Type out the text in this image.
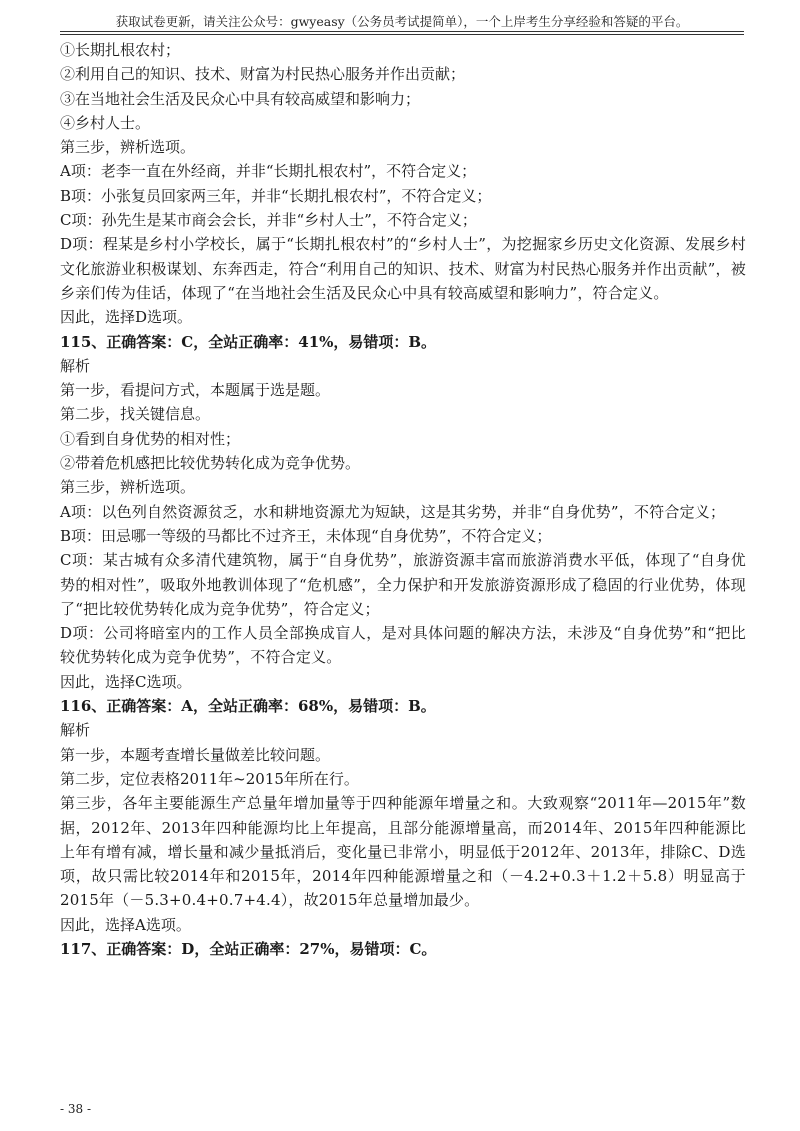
获取试卷更新，请关注公众号：gwyeasy（公务员考试提简单），一个上岸考生分享经验和答疑的平台。
①长期扎根农村；
②利用自己的知识、技术、财富为村民热心服务并作出贡献；
③在当地社会生活及民众心中具有较高威望和影响力；
④乡村人士。
第三步，辨析选项。
A项：老李一直在外经商，并非“长期扎根农村”，不符合定义；
B项：小张复员回家两三年，并非“长期扎根农村”，不符合定义；
C项：孙先生是某市商会会长，并非“乡村人士”，不符合定义；
D项：程某是乡村小学校长，属于“长期扎根农村”的“乡村人士”，为挖掘家乡历史文化资源、发展乡村文化旅游业积极谋划、东奔西走，符合“利用自己的知识、技术、财富为村民热心服务并作出贡献”，被乡亲们传为佳话，体现了“在当地社会生活及民众心中具有较高威望和影响力”，符合定义。
因此，选择D选项。
115、正确答案：C，全站正确率：41%，易错项：B。
解析
第一步，看提问方式，本题属于选是题。
第二步，找关键信息。
①看到自身优势的相对性；
②带着危机感把比较优势转化成为竞争优势。
第三步，辨析选项。
A项：以色列自然资源贫乏，水和耕地资源尤为短缺，这是其劣势，并非“自身优势”，不符合定义；
B项：田忌哪一等级的马都比不过齐王，未体现“自身优势”，不符合定义；
C项：某古城有众多清代建筑物，属于“自身优势”，旅游资源丰富而旅游消费水平低，体现了“自身优势的相对性”，吸取外地教训体现了“危机感”，全力保护和开发旅游资源形成了稳固的行业优势，体现了“把比较优势转化成为竞争优势”，符合定义；
D项：公司将暗室内的工作人员全部换成盲人，是对具体问题的解决方法，未涉及“自身优势”和“把比较优势转化成为竞争优势”，不符合定义。
因此，选择C选项。
116、正确答案：A，全站正确率：68%，易错项：B。
解析
第一步，本题考查增长量做差比较问题。
第二步，定位表格2011年~2015年所在行。
第三步，各年主要能源生产总量年增加量等于四种能源年增量之和。大致观察“2011年—2015年”数据，2012年、2013年四种能源均比上年提高，且部分能源增量高，而2014年、2015年四种能源比上年有增有减，增长量和减少量抵消后，变化量已非常小，明显低于2012年、2013年，排除C、D选项，故只需比较2014年和2015年，2014年四种能源增量之和（－4.2+0.3＋1.2＋5.8）明显高于2015年（－5.3+0.4+0.7+4.4），故2015年总量增加最少。
因此，选择A选项。
117、正确答案：D，全站正确率：27%，易错项：C。
- 38 -
